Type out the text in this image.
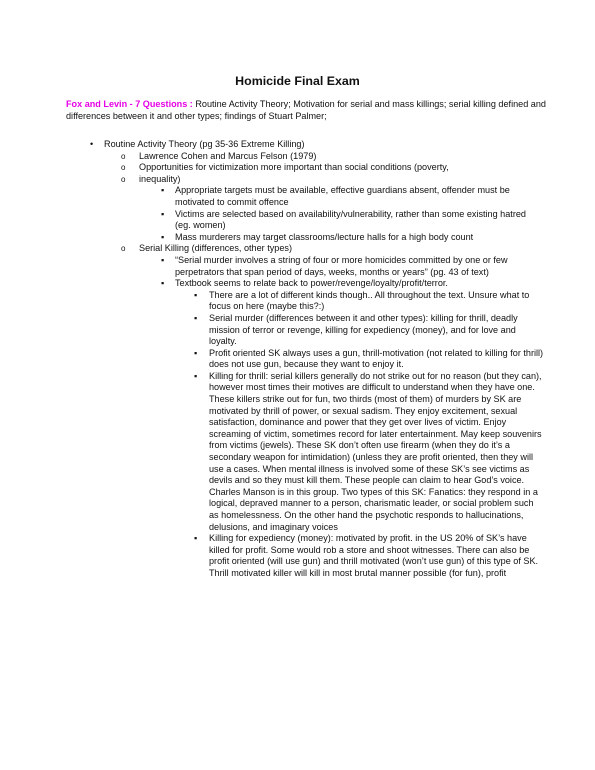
Homicide Final Exam

Fox and Levin - 7 Questions : Routine Activity Theory; Motivation for serial and mass killings; serial killing defined and differences between it and other types; findings of Stuart Palmer;

• Routine Activity Theory (pg 35-36 Extreme Killing)
o Lawrence Cohen and Marcus Felson (1979)
o Opportunities for victimization more important than social conditions (poverty,
o inequality)
▪ Appropriate targets must be available, effective guardians absent, offender must be motivated to commit offence
▪ Victims are selected based on availability/vulnerability, rather than some existing hatred (eg. women)
▪ Mass murderers may target classrooms/lecture halls for a high body count
o Serial Killing (differences, other types)
▪ “Serial murder involves a string of four or more homicides committed by one or few perpetrators that span period of days, weeks, months or years” (pg. 43 of text)
▪ Textbook seems to relate back to power/revenge/loyalty/profit/terror.
▪ There are a lot of different kinds though.. All throughout the text. Unsure what to focus on here (maybe this?:)
▪ Serial murder (differences between it and other types): killing for thrill, deadly mission of terror or revenge, killing for expediency (money), and for love and loyalty.
▪ Profit oriented SK always uses a gun, thrill-motivation (not related to killing for thrill) does not use gun, because they want to enjoy it.
▪ Killing for thrill: serial killers generally do not strike out for no reason (but they can), however most times their motives are difficult to understand when they have one. These killers strike out for fun, two thirds (most of them) of murders by SK are motivated by thrill of power, or sexual sadism. They enjoy excitement, sexual satisfaction, dominance and power that they get over lives of victim. Enjoy screaming of victim, sometimes record for later entertainment. May keep souvenirs from victims (jewels). These SK don’t often use firearm (when they do it’s a secondary weapon for intimidation) (unless they are profit oriented, then they will use a cases. When mental illness is involved some of these SK’s see victims as devils and so they must kill them. These people can claim to hear God’s voice. Charles Manson is in this group. Two types of this SK: Fanatics: they respond in a logical, depraved manner to a person, charismatic leader, or social problem such as homelessness. On the other hand the psychotic responds to hallucinations, delusions, and imaginary voices
▪ Killing for expediency (money): motivated by profit. in the US 20% of SK’s have killed for profit. Some would rob a store and shoot witnesses. There can also be profit oriented (will use gun) and thrill motivated (won’t use gun) of this type of SK. Thrill motivated killer will kill in most brutal manner possible (for fun), profit
